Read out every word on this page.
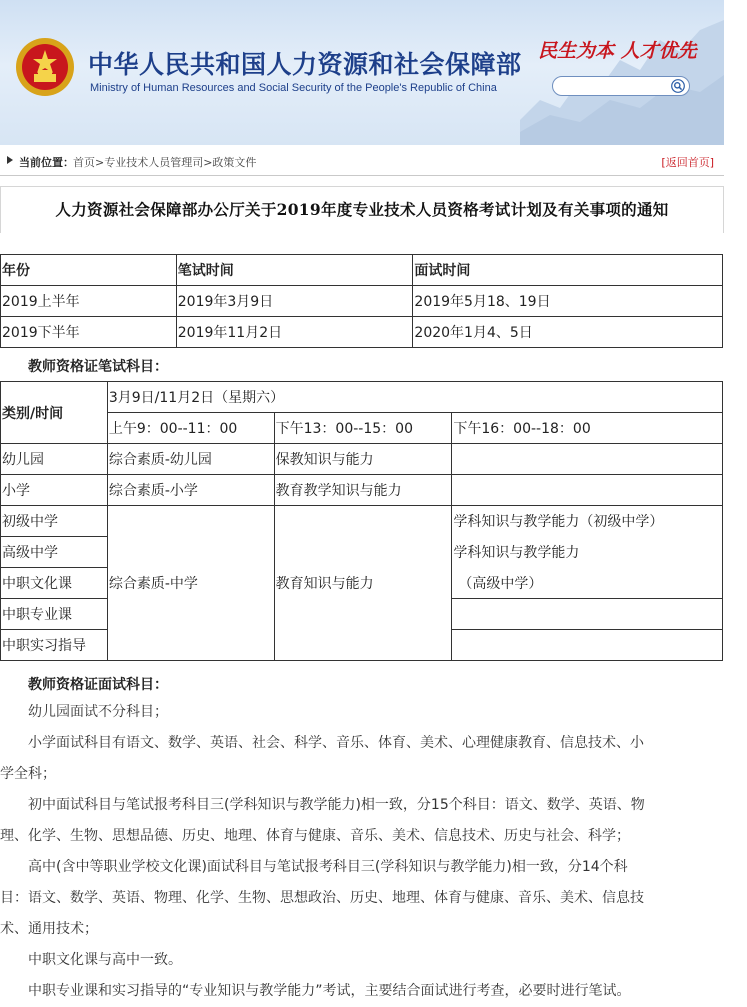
中华人民共和国人力资源和社会保障部
Ministry of Human Resources and Social Security of the People's Republic of China
民生为本 人才优先
当前位置： 首页>专业技术人员管理司>政策文件	[返回首页]
人力资源社会保障部办公厅关于2019年度专业技术人员资格考试计划及有关事项的通知
年份	笔试时间	面试时间
2019上半年	2019年3月9日	2019年5月18、19日
2019下半年	2019年11月2日	2020年1月4、5日
教师资格证笔试科目：
类别/时间	3月9日/11月2日（星期六）		
	上午9：00--11：00	下午13：00--15：00	下午16：00--18：00
幼儿园	综合素质-幼儿园	保教知识与能力	
小学	综合素质-小学	教育教学知识与能力	
初级中学	综合素质-中学	教育知识与能力	学科知识与教学能力（初级中学）
高级中学			学科知识与教学能力
中职文化课			（高级中学）
中职专业课			
中职实习指导			
教师资格证面试科目：
　　幼儿园面试不分科目；
　　小学面试科目有语文、数学、英语、社会、科学、音乐、体育、美术、心理健康教育、信息技术、小
学全科；
　　初中面试科目与笔试报考科目三(学科知识与教学能力)相一致，分15个科目：语文、数学、英语、物
理、化学、生物、思想品德、历史、地理、体育与健康、音乐、美术、信息技术、历史与社会、科学；
　　高中(含中等职业学校文化课)面试科目与笔试报考科目三(学科知识与教学能力)相一致，分14个科
目：语文、数学、英语、物理、化学、生物、思想政治、历史、地理、体育与健康、音乐、美术、信息技
术、通用技术；
　　中职文化课与高中一致。
　　中职专业课和实习指导的“专业知识与教学能力”考试，主要结合面试进行考查，必要时进行笔试。
